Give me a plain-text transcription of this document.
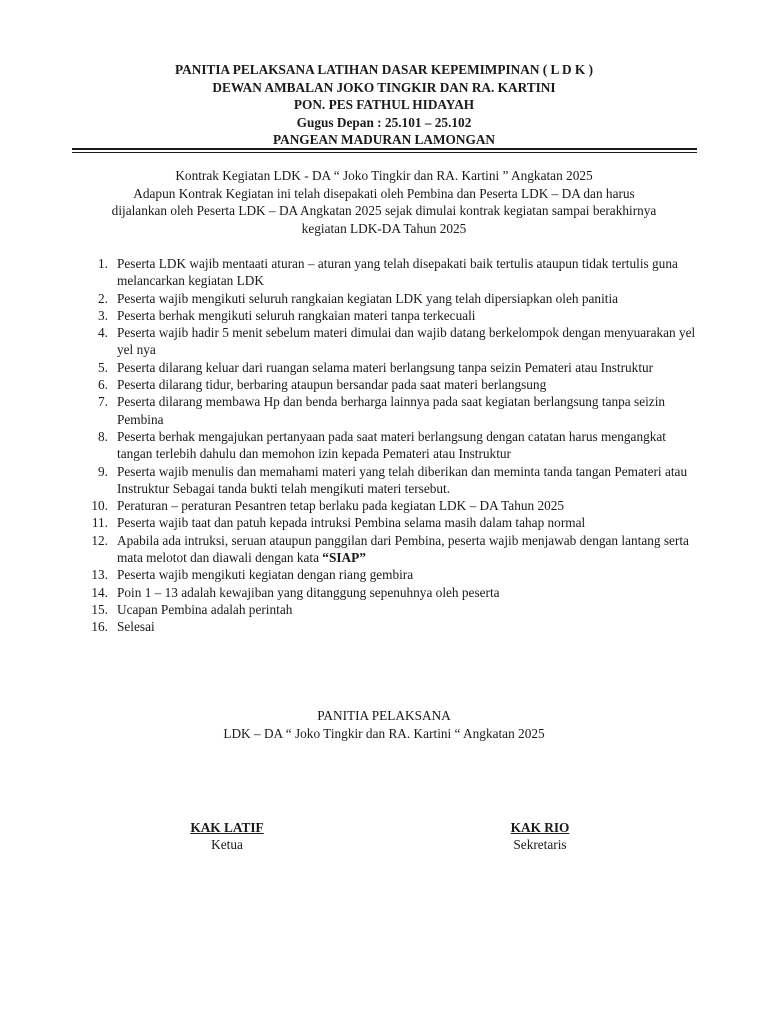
PANITIA PELAKSANA LATIHAN DASAR KEPEMIMPINAN ( L D K )
DEWAN AMBALAN JOKO TINGKIR DAN RA. KARTINI
PON. PES FATHUL HIDAYAH
Gugus Depan : 25.101 – 25.102
PANGEAN MADURAN LAMONGAN
Kontrak Kegiatan LDK - DA “ Joko Tingkir dan RA. Kartini ” Angkatan 2025
Adapun Kontrak Kegiatan ini telah disepakati oleh Pembina dan Peserta LDK – DA dan harus
dijalankan oleh Peserta LDK – DA Angkatan 2025 sejak dimulai kontrak kegiatan sampai berakhirnya
kegiatan LDK-DA Tahun 2025
1. Peserta LDK wajib mentaati aturan – aturan yang telah disepakati baik tertulis ataupun tidak tertulis guna melancarkan kegiatan LDK
2. Peserta wajib mengikuti seluruh rangkaian kegiatan LDK yang telah dipersiapkan oleh panitia
3. Peserta berhak mengikuti seluruh rangkaian materi tanpa terkecuali
4. Peserta wajib hadir 5 menit sebelum materi dimulai dan wajib datang berkelompok dengan menyuarakan yel yel nya
5. Peserta dilarang keluar dari ruangan selama materi berlangsung tanpa seizin Pemateri atau Instruktur
6. Peserta dilarang tidur, berbaring ataupun bersandar pada saat materi berlangsung
7. Peserta dilarang membawa Hp dan benda berharga lainnya pada saat kegiatan berlangsung tanpa seizin Pembina
8. Peserta berhak mengajukan pertanyaan pada saat materi berlangsung dengan catatan harus mengangkat tangan terlebih dahulu dan memohon izin kepada Pemateri atau Instruktur
9. Peserta wajib menulis dan memahami materi yang telah diberikan dan meminta tanda tangan Pemateri atau Instruktur Sebagai tanda bukti telah mengikuti materi tersebut.
10. Peraturan – peraturan Pesantren tetap berlaku pada kegiatan LDK – DA Tahun 2025
11. Peserta wajib taat dan patuh kepada intruksi Pembina selama masih dalam tahap normal
12. Apabila ada intruksi, seruan ataupun panggilan dari Pembina, peserta wajib menjawab dengan lantang serta mata melotot dan diawali dengan kata “SIAP”
13. Peserta wajib mengikuti kegiatan dengan riang gembira
14. Poin 1 – 13 adalah kewajiban yang ditanggung sepenuhnya oleh peserta
15. Ucapan Pembina adalah perintah
16. Selesai
PANITIA PELAKSANA
LDK – DA “ Joko Tingkir dan RA. Kartini “ Angkatan 2025
KAK LATIF
Ketua
KAK RIO
Sekretaris
